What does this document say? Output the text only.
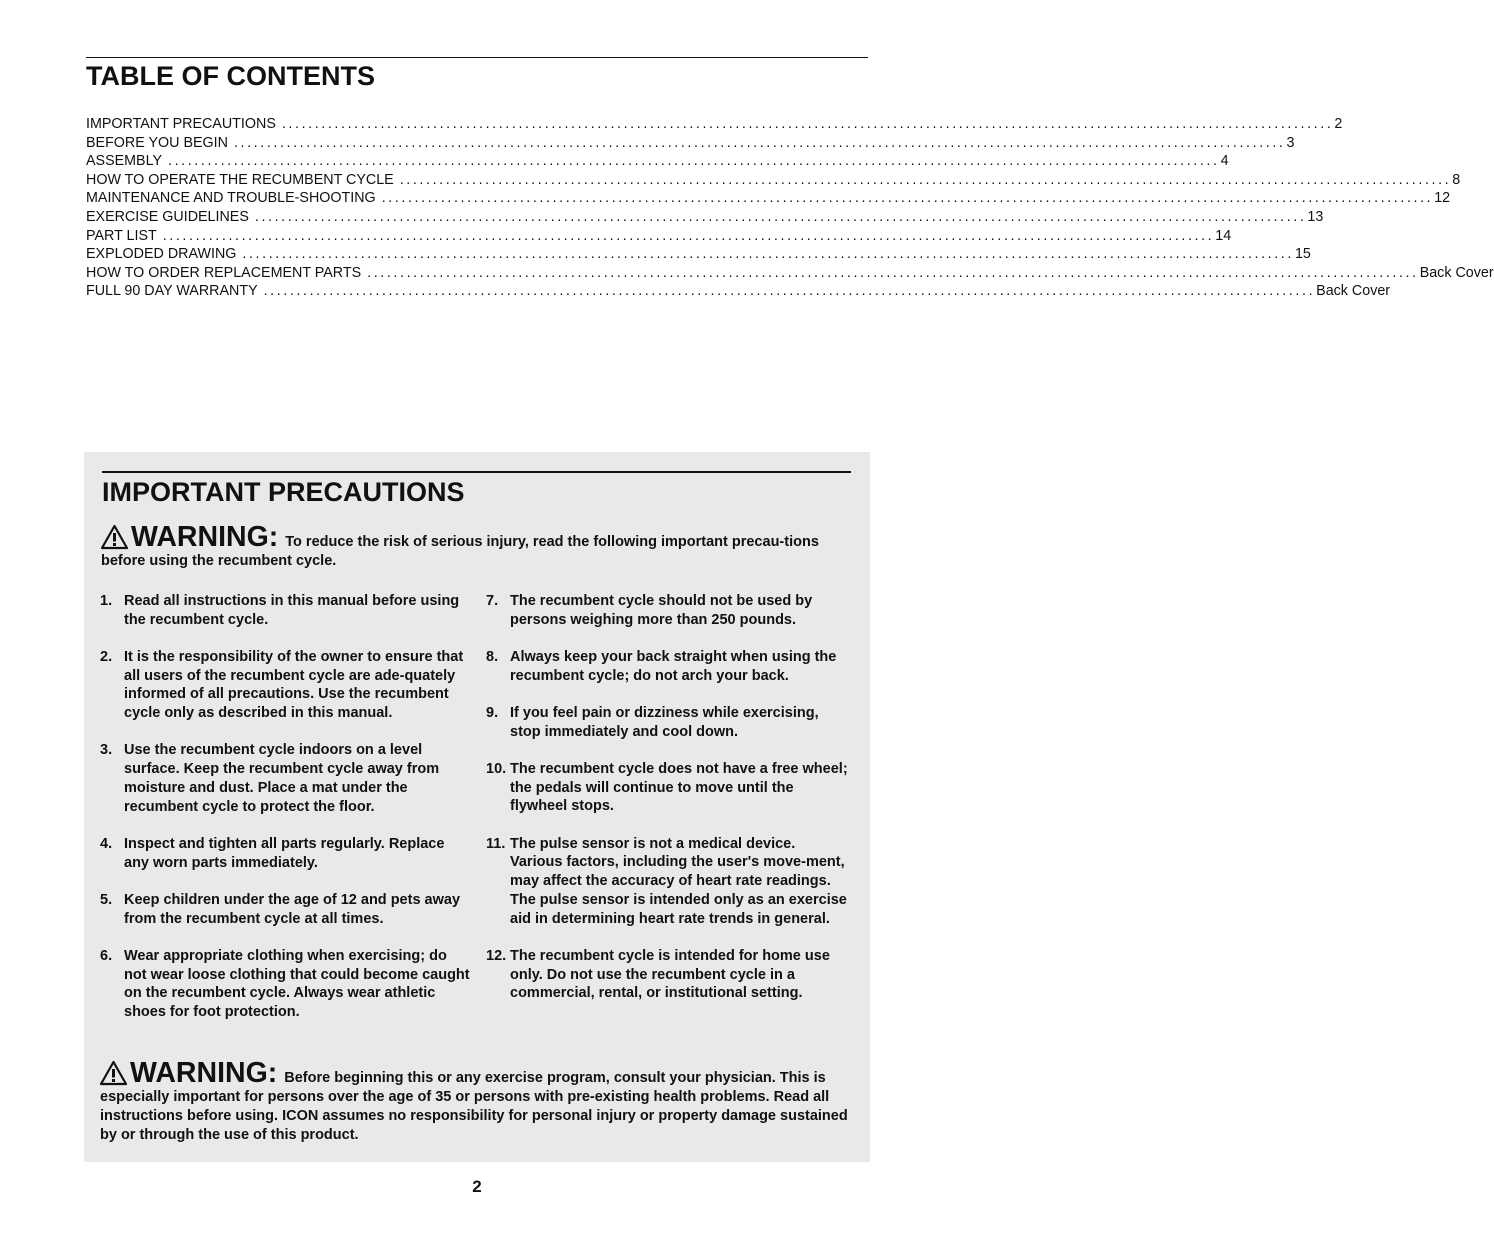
TABLE OF CONTENTS
IMPORTANT PRECAUTIONS ................................................................................................................................................................ 2
BEFORE YOU BEGIN ................................................................................................................................................................ 3
ASSEMBLY ................................................................................................................................................................ 4
HOW TO OPERATE THE RECUMBENT CYCLE ................................................................................................................................................................ 8
MAINTENANCE AND TROUBLE-SHOOTING ................................................................................................................................................................ 12
EXERCISE GUIDELINES ................................................................................................................................................................ 13
PART LIST ................................................................................................................................................................ 14
EXPLODED DRAWING ................................................................................................................................................................ 15
HOW TO ORDER REPLACEMENT PARTS ................................................................................................................................................................ Back Cover
FULL 90 DAY WARRANTY ................................................................................................................................................................ Back Cover
IMPORTANT PRECAUTIONS
WARNING: To reduce the risk of serious injury, read the following important precau-tions before using the recumbent cycle.
1. Read all instructions in this manual before using the recumbent cycle.
2. It is the responsibility of the owner to ensure that all users of the recumbent cycle are ade-quately informed of all precautions. Use the recumbent cycle only as described in this manual.
3. Use the recumbent cycle indoors on a level surface. Keep the recumbent cycle away from moisture and dust. Place a mat under the recumbent cycle to protect the floor.
4. Inspect and tighten all parts regularly. Replace any worn parts immediately.
5. Keep children under the age of 12 and pets away from the recumbent cycle at all times.
6. Wear appropriate clothing when exercising; do not wear loose clothing that could become caught on the recumbent cycle. Always wear athletic shoes for foot protection.
7. The recumbent cycle should not be used by persons weighing more than 250 pounds.
8. Always keep your back straight when using the recumbent cycle; do not arch your back.
9. If you feel pain or dizziness while exercising, stop immediately and cool down.
10. The recumbent cycle does not have a free wheel; the pedals will continue to move until the flywheel stops.
11. The pulse sensor is not a medical device. Various factors, including the user's move-ment, may affect the accuracy of heart rate readings. The pulse sensor is intended only as an exercise aid in determining heart rate trends in general.
12. The recumbent cycle is intended for home use only. Do not use the recumbent cycle in a commercial, rental, or institutional setting.
WARNING: Before beginning this or any exercise program, consult your physician. This is especially important for persons over the age of 35 or persons with pre-existing health problems. Read all instructions before using. ICON assumes no responsibility for personal injury or property damage sustained by or through the use of this product.
2
